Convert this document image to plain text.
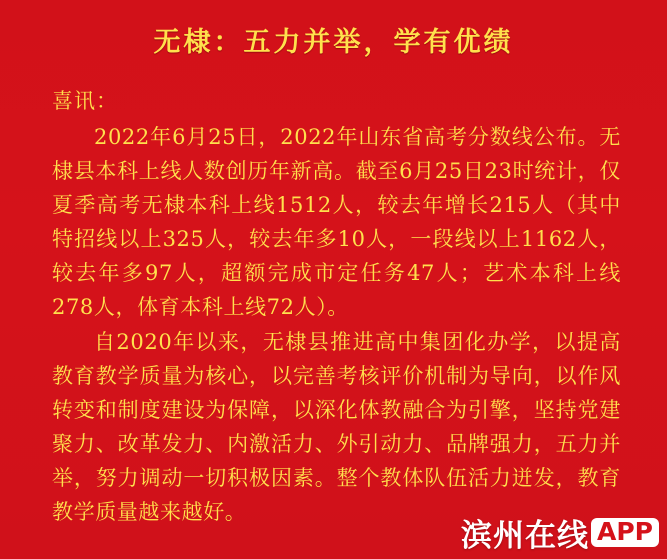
无棣：五力并举，学有优绩
喜讯：

2022年6月25日，2022年山东省高考分数线公布。无棣县本科上线人数创历年新高。截至6月25日23时统计，仅夏季高考无棣本科上线1512人，较去年增长215人（其中特招线以上325人，较去年多10人，一段线以上1162人，较去年多97人，超额完成市定任务47人；艺术本科上线278人，体育本科上线72人）。

自2020年以来，无棣县推进高中集团化办学，以提高教育教学质量为核心，以完善考核评价机制为导向，以作风转变和制度建设为保障，以深化体教融合为引擎，坚持党建聚力、改革发力、内激活力、外引动力、品牌强力，五力并举，努力调动一切积极因素。整个教体队伍活力迸发，教育教学质量越来越好。

滨州在线 APP
